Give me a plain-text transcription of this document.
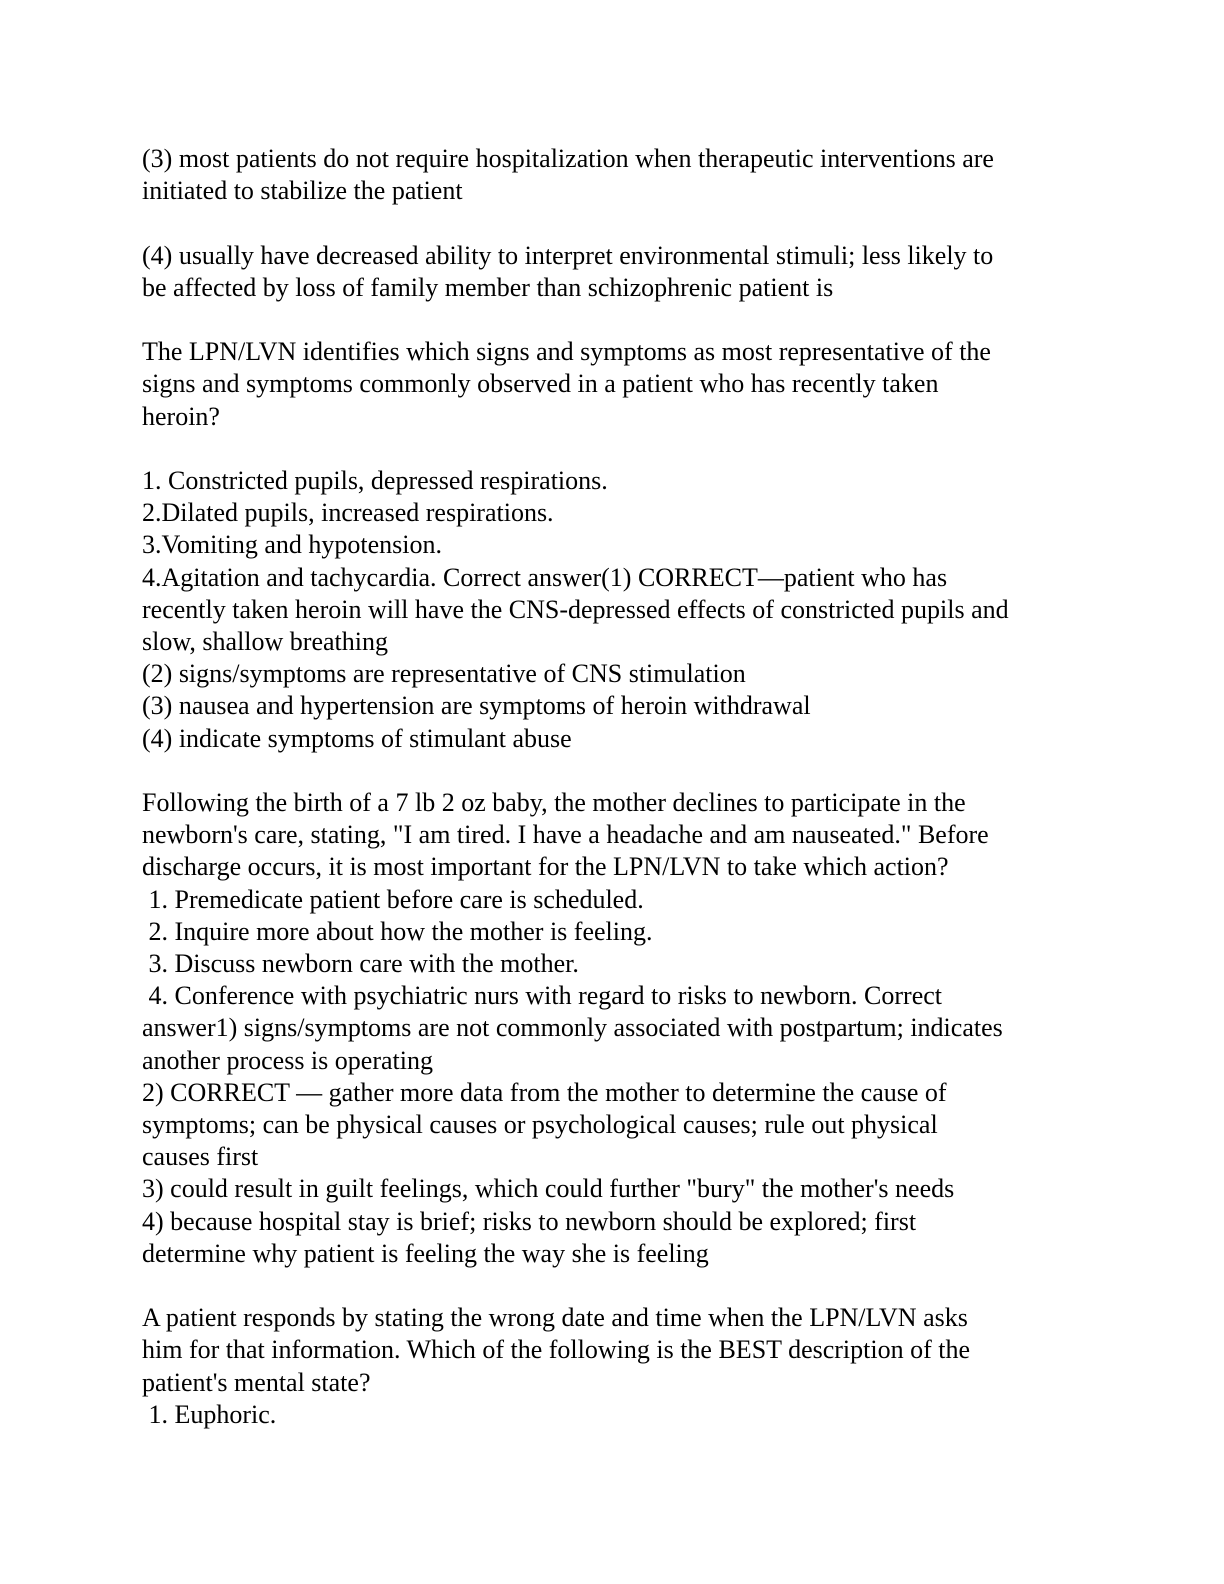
(3) most patients do not require hospitalization when therapeutic interventions are
initiated to stabilize the patient
(4) usually have decreased ability to interpret environmental stimuli; less likely to
be affected by loss of family member than schizophrenic patient is
The LPN/LVN identifies which signs and symptoms as most representative of the
signs and symptoms commonly observed in a patient who has recently taken
heroin?
1. Constricted pupils, depressed respirations.
2.Dilated pupils, increased respirations.
3.Vomiting and hypotension.
4.Agitation and tachycardia. Correct answer(1) CORRECT—patient who has
recently taken heroin will have the CNS-depressed effects of constricted pupils and
slow, shallow breathing
(2) signs/symptoms are representative of CNS stimulation
(3) nausea and hypertension are symptoms of heroin withdrawal
(4) indicate symptoms of stimulant abuse
Following the birth of a 7 lb 2 oz baby, the mother declines to participate in the
newborn's care, stating, "I am tired. I have a headache and am nauseated." Before
discharge occurs, it is most important for the LPN/LVN to take which action?
1. Premedicate patient before care is scheduled.
2. Inquire more about how the mother is feeling.
3. Discuss newborn care with the mother.
4. Conference with psychiatric nurs with regard to risks to newborn. Correct
answer1) signs/symptoms are not commonly associated with postpartum; indicates
another process is operating
2) CORRECT — gather more data from the mother to determine the cause of
symptoms; can be physical causes or psychological causes; rule out physical
causes first
3) could result in guilt feelings, which could further "bury" the mother's needs
4) because hospital stay is brief; risks to newborn should be explored; first
determine why patient is feeling the way she is feeling
A patient responds by stating the wrong date and time when the LPN/LVN asks
him for that information. Which of the following is the BEST description of the
patient's mental state?
1. Euphoric.
